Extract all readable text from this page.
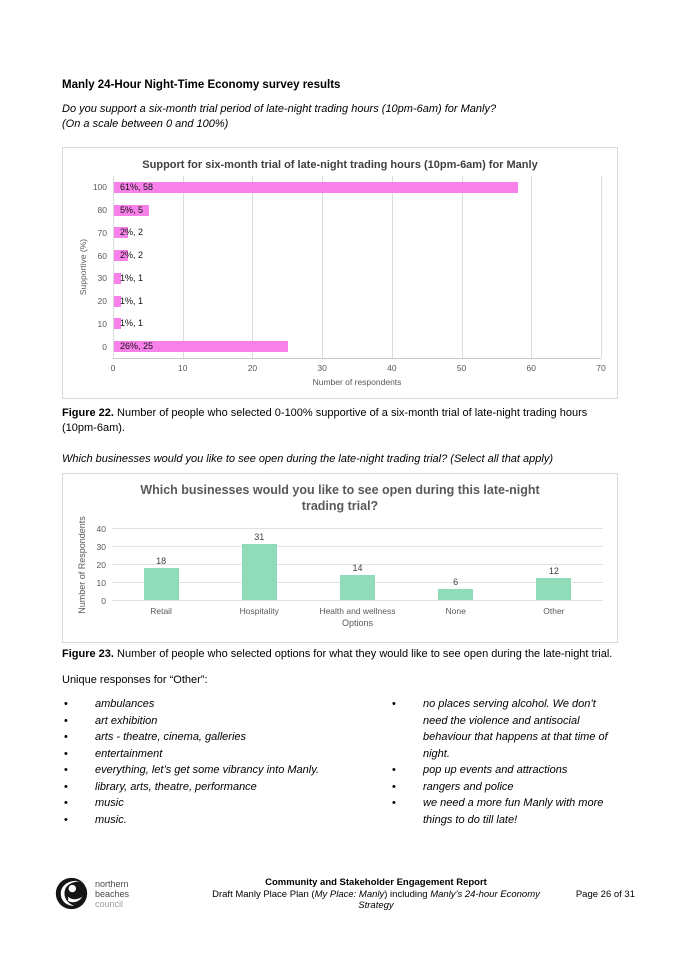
Manly 24-Hour Night-Time Economy survey results

Do you support a six-month trial period of late-night trading hours (10pm-6am) for Manly?
(On a scale between 0 and 100%)

Support for six-month trial of late-night trading hours (10pm-6am) for Manly
Supportive (%)
0	10	20	30	40	50	60	70
100 61%, 58
80 5%, 5
70 2%, 2
60 2%, 2
30 1%, 1
20 1%, 1
10 1%, 1
0 26%, 25
Number of respondents

Figure 22. Number of people who selected 0-100% supportive of a six-month trial of late-night trading hours (10pm-6am).

Which businesses would you like to see open during the late-night trading trial? (Select all that apply)

Which businesses would you like to see open during this late-night trading trial?
Number of Respondents	0
10
20
30
40
18
Retail
31
Hospitality
14
Health and wellness
6
None
12
Other
Options

Figure 23. Number of people who selected options for what they would like to see open during the late-night trial.

Unique responses for “Other”:

• ambulances
• art exhibition
• arts - theatre, cinema, galleries
• entertainment
• everything, let’s get some vibrancy into Manly.
• library, arts, theatre, performance
• music
• music.
• no places serving alcohol. We don’t need the violence and antisocial behaviour that happens at that time of night.
• pop up events and attractions
• rangers and police
• we need a more fun Manly with more things to do till late!
northern
beaches
council
Community and Stakeholder Engagement Report
Draft Manly Place Plan (My Place: Manly) including Manly’s 24-hour Economy Strategy
Page 26 of 31
